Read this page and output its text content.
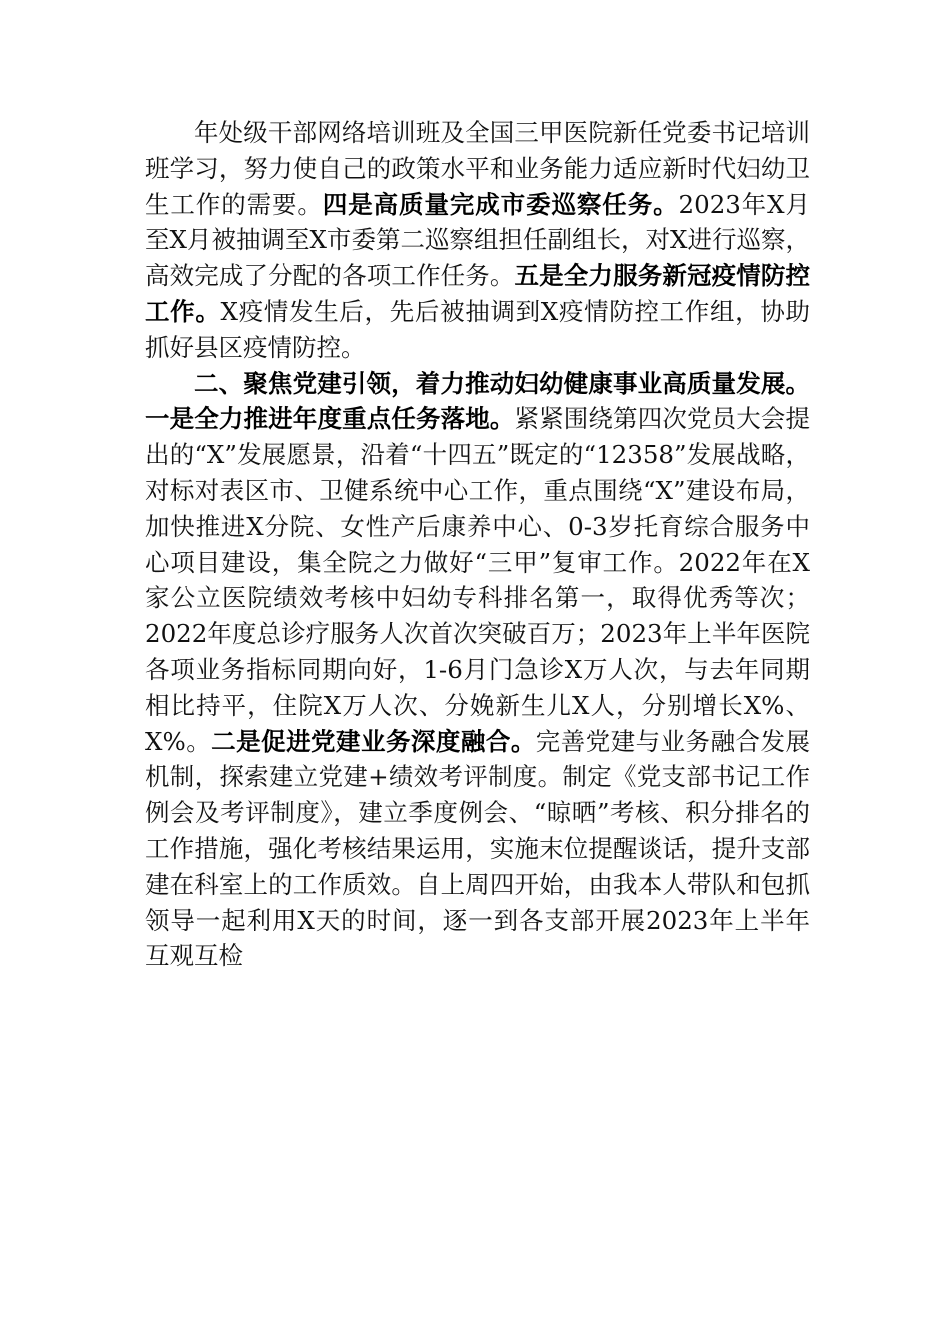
年处级干部网络培训班及全国三甲医院新任党委书记培训班学习，努力使自己的政策水平和业务能力适应新时代妇幼卫生工作的需要。四是高质量完成市委巡察任务。2023年X月至X月被抽调至X市委第二巡察组担任副组长，对X进行巡察，高效完成了分配的各项工作任务。五是全力服务新冠疫情防控工作。X疫情发生后，先后被抽调到X疫情防控工作组，协助抓好县区疫情防控。

二、聚焦党建引领，着力推动妇幼健康事业高质量发展。一是全力推进年度重点任务落地。紧紧围绕第四次党员大会提出的“X”发展愿景，沿着“十四五”既定的“12358”发展战略，对标对表区市、卫健系统中心工作，重点围绕“X”建设布局，加快推进X分院、女性产后康养中心、0-3岁托育综合服务中心项目建设，集全院之力做好“三甲”复审工作。2022年在X家公立医院绩效考核中妇幼专科排名第一，取得优秀等次；2022年度总诊疗服务人次首次突破百万；2023年上半年医院各项业务指标同期向好，1-6月门急诊X万人次，与去年同期相比持平，住院X万人次、分娩新生儿X人，分别增长X%、X%。二是促进党建业务深度融合。完善党建与业务融合发展机制，探索建立党建+绩效考评制度。制定《党支部书记工作例会及考评制度》，建立季度例会、“晾晒”考核、积分排名的工作措施，强化考核结果运用，实施末位提醒谈话，提升支部建在科室上的工作质效。自上周四开始，由我本人带队和包抓领导一起利用X天的时间，逐一到各支部开展2023年上半年互观互检
